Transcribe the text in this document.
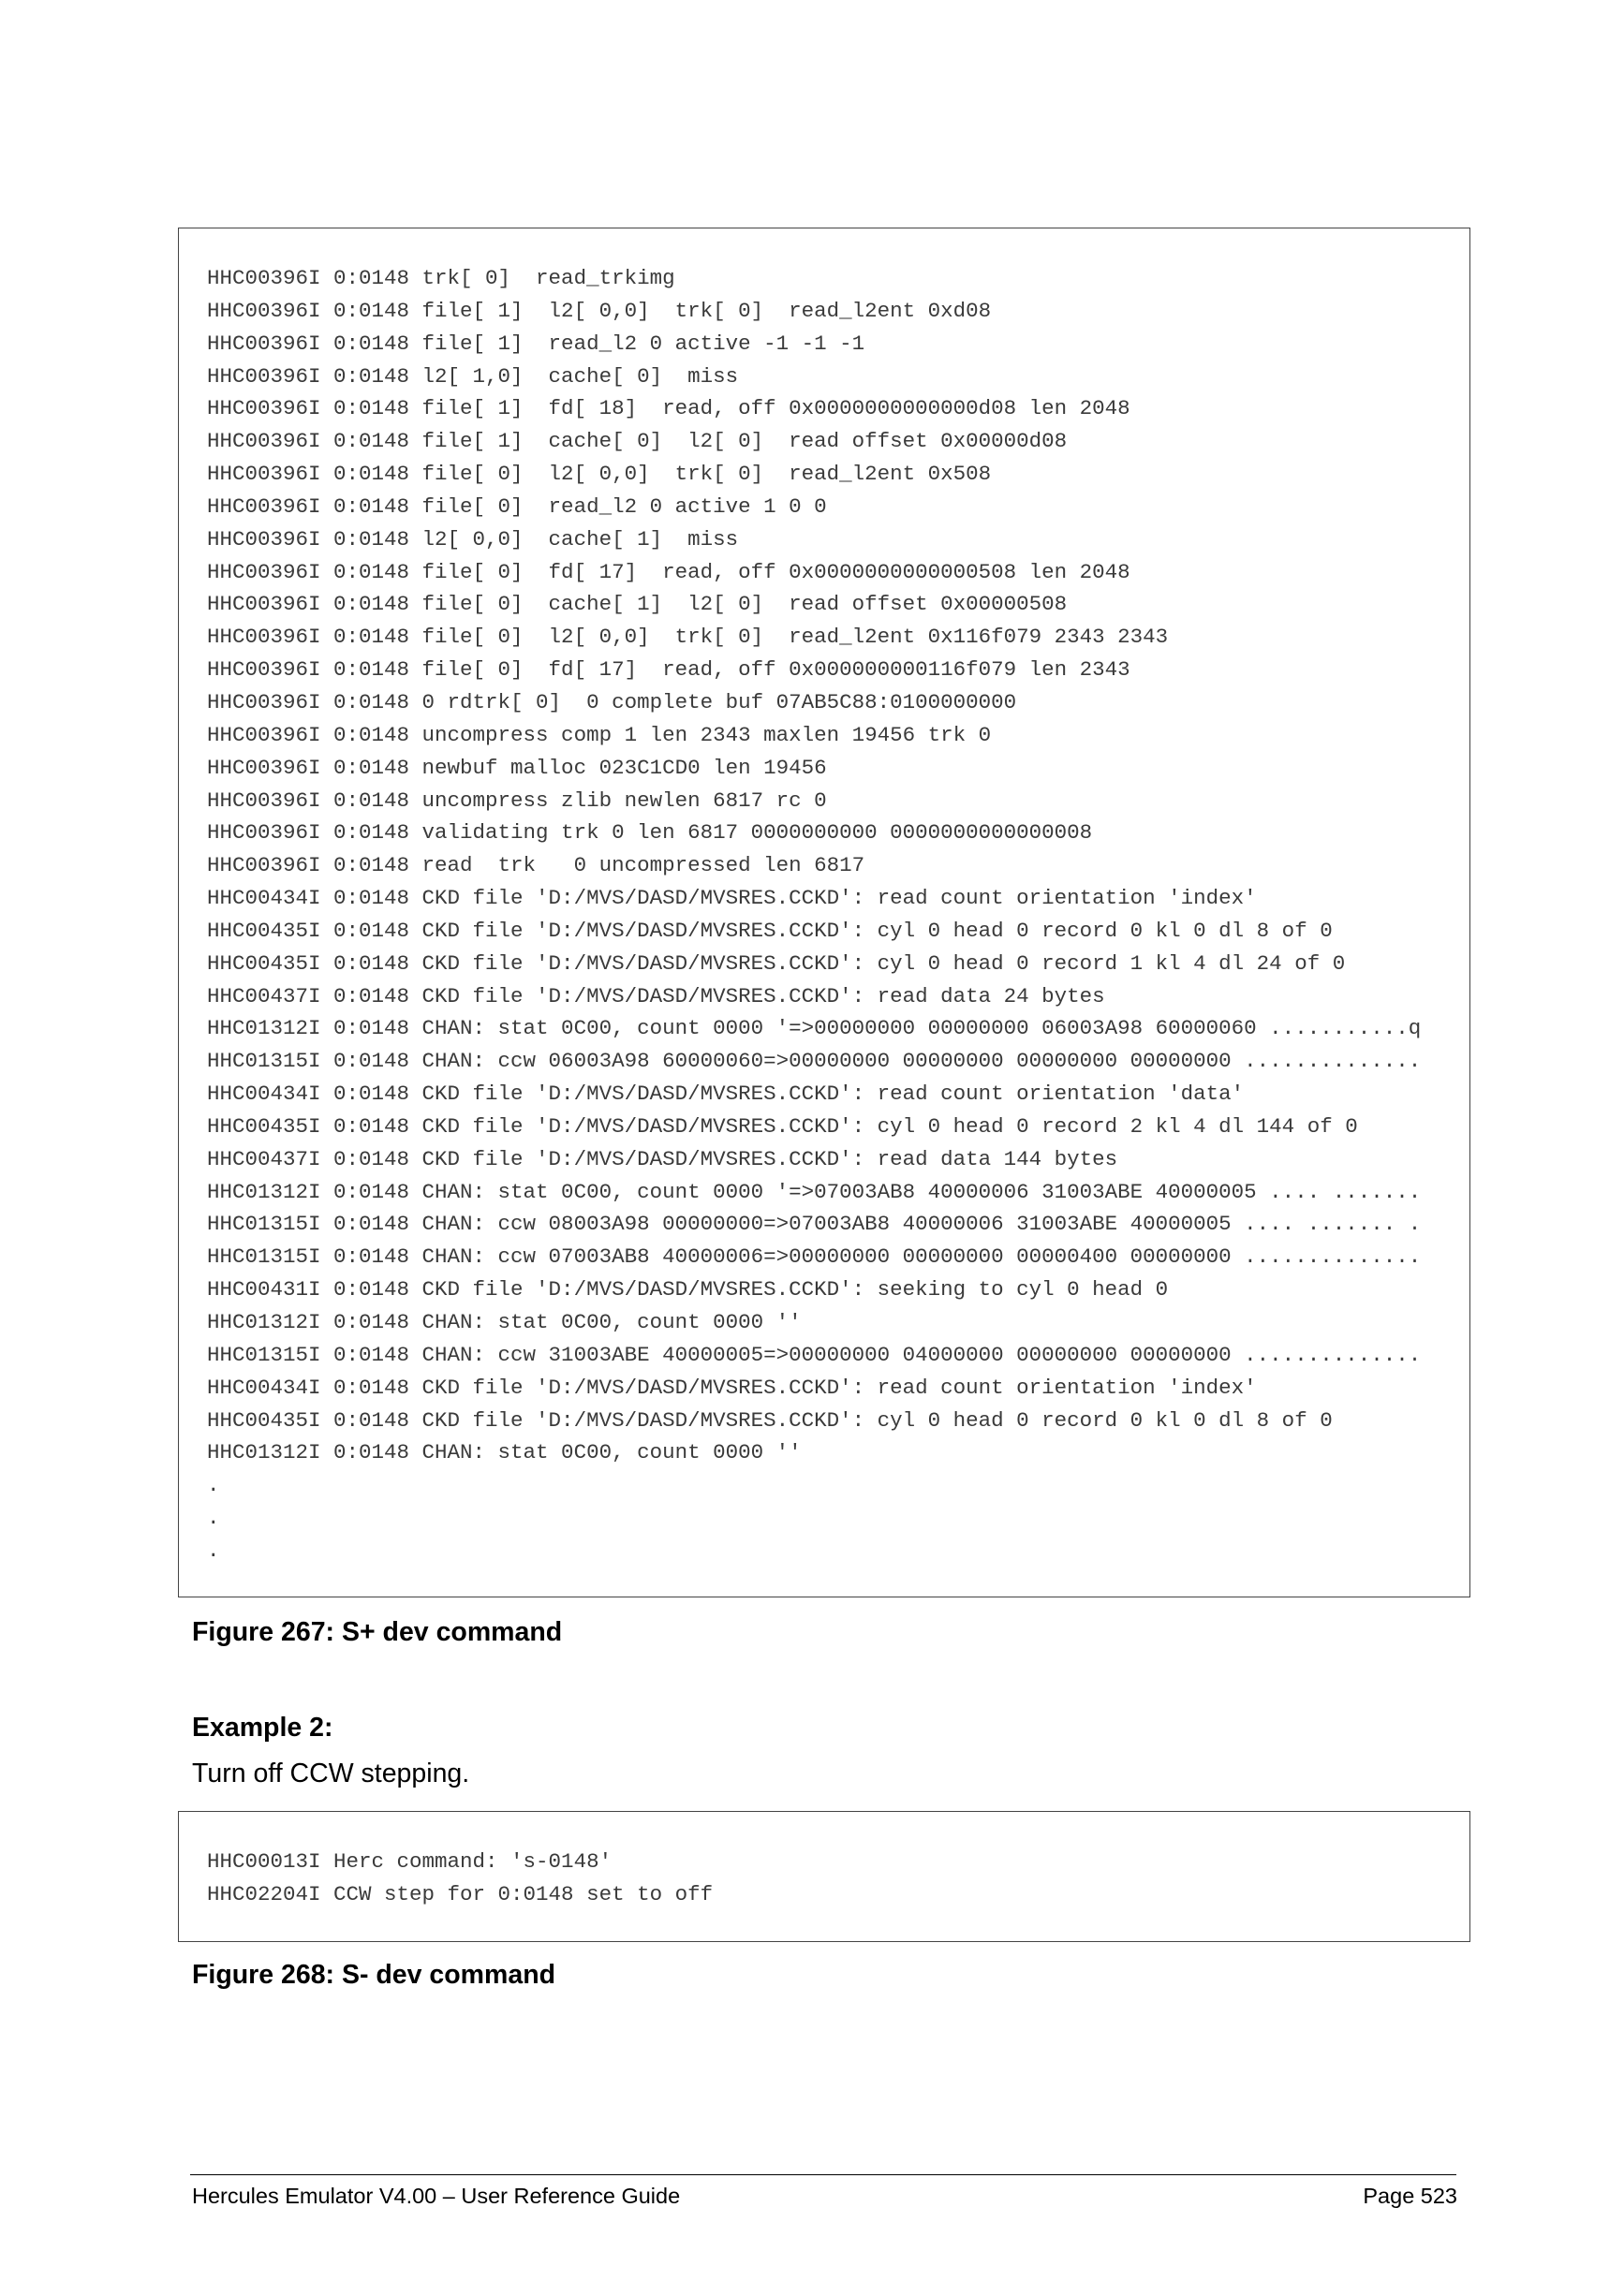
HHC00396I 0:0148 trk[ 0]  read_trkimg
HHC00396I 0:0148 file[ 1]  l2[ 0,0]  trk[ 0]  read_l2ent 0xd08
HHC00396I 0:0148 file[ 1]  read_l2 0 active -1 -1 -1
HHC00396I 0:0148 l2[ 1,0]  cache[ 0]  miss
HHC00396I 0:0148 file[ 1]  fd[ 18]  read, off 0x0000000000000d08 len 2048
HHC00396I 0:0148 file[ 1]  cache[ 0]  l2[ 0]  read offset 0x00000d08
HHC00396I 0:0148 file[ 0]  l2[ 0,0]  trk[ 0]  read_l2ent 0x508
HHC00396I 0:0148 file[ 0]  read_l2 0 active 1 0 0
HHC00396I 0:0148 l2[ 0,0]  cache[ 1]  miss
HHC00396I 0:0148 file[ 0]  fd[ 17]  read, off 0x0000000000000508 len 2048
HHC00396I 0:0148 file[ 0]  cache[ 1]  l2[ 0]  read offset 0x00000508
HHC00396I 0:0148 file[ 0]  l2[ 0,0]  trk[ 0]  read_l2ent 0x116f079 2343 2343
HHC00396I 0:0148 file[ 0]  fd[ 17]  read, off 0x000000000116f079 len 2343
HHC00396I 0:0148 0 rdtrk[ 0]  0 complete buf 07AB5C88:0100000000
HHC00396I 0:0148 uncompress comp 1 len 2343 maxlen 19456 trk 0
HHC00396I 0:0148 newbuf malloc 023C1CD0 len 19456
HHC00396I 0:0148 uncompress zlib newlen 6817 rc 0
HHC00396I 0:0148 validating trk 0 len 6817 0000000000 0000000000000008
HHC00396I 0:0148 read  trk   0 uncompressed len 6817
HHC00434I 0:0148 CKD file 'D:/MVS/DASD/MVSRES.CCKD': read count orientation 'index'
HHC00435I 0:0148 CKD file 'D:/MVS/DASD/MVSRES.CCKD': cyl 0 head 0 record 0 kl 0 dl 8 of 0
HHC00435I 0:0148 CKD file 'D:/MVS/DASD/MVSRES.CCKD': cyl 0 head 0 record 1 kl 4 dl 24 of 0
HHC00437I 0:0148 CKD file 'D:/MVS/DASD/MVSRES.CCKD': read data 24 bytes
HHC01312I 0:0148 CHAN: stat 0C00, count 0000 '=>00000000 00000000 06003A98 60000060 ...........q
HHC01315I 0:0148 CHAN: ccw 06003A98 60000060=>00000000 00000000 00000000 00000000 ..............
HHC00434I 0:0148 CKD file 'D:/MVS/DASD/MVSRES.CCKD': read count orientation 'data'
HHC00435I 0:0148 CKD file 'D:/MVS/DASD/MVSRES.CCKD': cyl 0 head 0 record 2 kl 4 dl 144 of 0
HHC00437I 0:0148 CKD file 'D:/MVS/DASD/MVSRES.CCKD': read data 144 bytes
HHC01312I 0:0148 CHAN: stat 0C00, count 0000 '=>07003AB8 40000006 31003ABE 40000005 .... .......
HHC01315I 0:0148 CHAN: ccw 08003A98 00000000=>07003AB8 40000006 31003ABE 40000005 .... ....... .
HHC01315I 0:0148 CHAN: ccw 07003AB8 40000006=>00000000 00000000 00000400 00000000 ..............
HHC00431I 0:0148 CKD file 'D:/MVS/DASD/MVSRES.CCKD': seeking to cyl 0 head 0
HHC01312I 0:0148 CHAN: stat 0C00, count 0000 ''
HHC01315I 0:0148 CHAN: ccw 31003ABE 40000005=>00000000 04000000 00000000 00000000 ..............
HHC00434I 0:0148 CKD file 'D:/MVS/DASD/MVSRES.CCKD': read count orientation 'index'
HHC00435I 0:0148 CKD file 'D:/MVS/DASD/MVSRES.CCKD': cyl 0 head 0 record 0 kl 0 dl 8 of 0
HHC01312I 0:0148 CHAN: stat 0C00, count 0000 ''
.
.
.
Figure 267: S+ dev command
Example 2:
Turn off CCW stepping.
HHC00013I Herc command: 's-0148'
HHC02204I CCW step for 0:0148 set to off
Figure 268: S- dev command
Hercules Emulator V4.00 – User Reference Guide	Page 523
